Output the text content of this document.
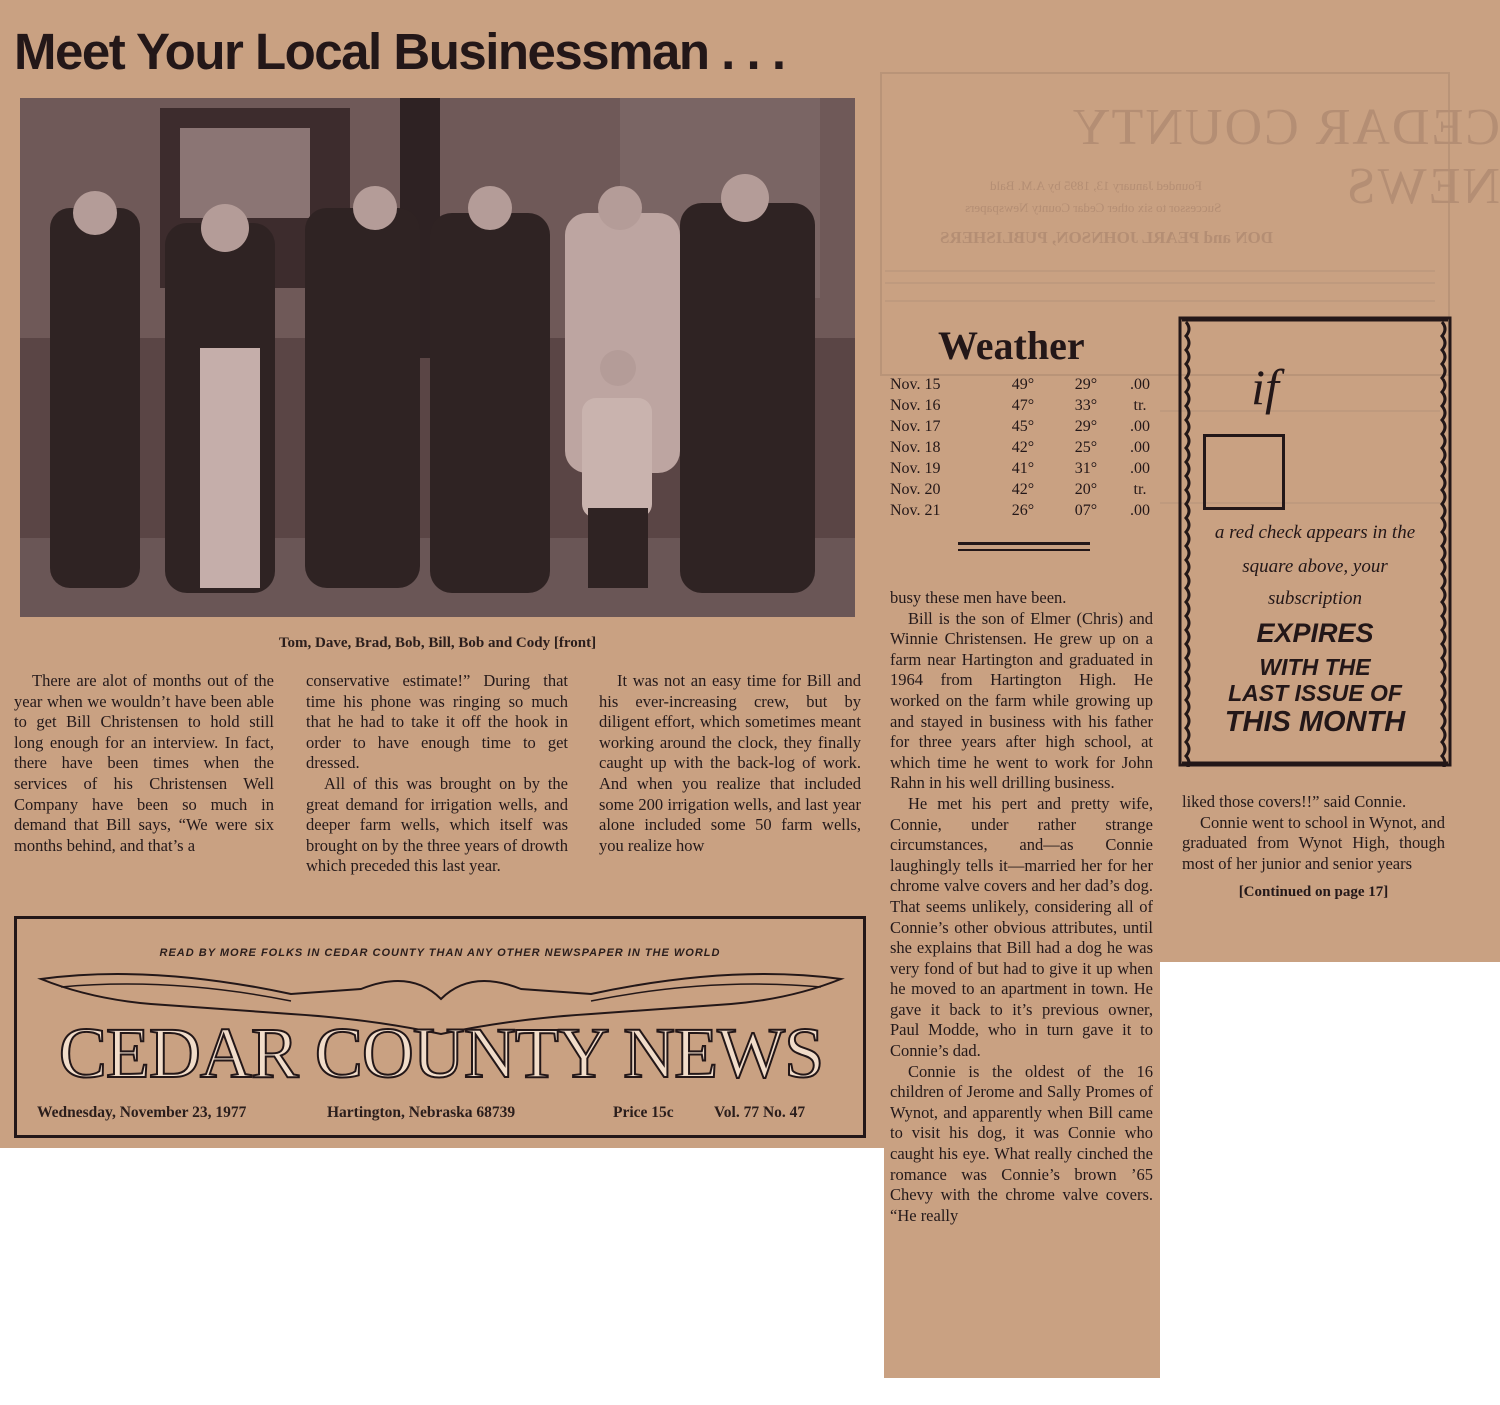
CEDAR COUNTY NEWS
Founded January 13, 1895 by A.M. Bald
Successor to six other Cedar County Newspapers
DON and PEARL JOHNSON, PUBLISHERS
Meet Your Local Businessman . . .
Tom, Dave, Brad, Bob, Bill, Bob and Cody [front]

There are alot of months out of the year when we wouldn’t have been able to get Bill Christensen to hold still long enough for an interview. In fact, there have been times when the services of his Christensen Well Company have been so much in demand that Bill says, “We were six months behind, and that’s a

conservative estimate!” During that time his phone was ringing so much that he had to take it off the hook in order to have enough time to get dressed.

All of this was brought on by the great demand for irrigation wells, and deeper farm wells, which itself was brought on by the three years of drowth which preceded this last year.

It was not an easy time for Bill and his ever-increasing crew, but by diligent effort, which sometimes meant working around the clock, they finally caught up with the back-log of work. And when you realize that included some 200 irrigation wells, and last year alone included some 50 farm wells, you realize how

busy these men have been.

Bill is the son of Elmer (Chris) and Winnie Christensen. He grew up on a farm near Hartington and graduated in 1964 from Hartington High. He worked on the farm while growing up and stayed in business with his father for three years after high school, at which time he went to work for John Rahn in his well drilling business.

He met his pert and pretty wife, Connie, under rather strange circumstances, and—as Connie laughingly tells it—married her for her chrome valve covers and her dad’s dog. That seems unlikely, considering all of Connie’s other obvious attributes, until she explains that Bill had a dog he was very fond of but had to give it up when he moved to an apartment in town. He gave it back to it’s previous owner, Paul Modde, who in turn gave it to Connie’s dad.

Connie is the oldest of the 16 children of Jerome and Sally Promes of Wynot, and apparently when Bill came to visit his dog, it was Connie who caught his eye. What really cinched the romance was Connie’s brown ’65 Chevy with the chrome valve covers. “He really

liked those covers!!” said Connie.

Connie went to school in Wynot, and graduated from Wynot High, though most of her junior and senior years

[Continued on page 17]
Weather
Nov. 15	49°	29°	.00
Nov. 16	47°	33°	tr.
Nov. 17	45°	29°	.00
Nov. 18	42°	25°	.00
Nov. 19	41°	31°	.00
Nov. 20	42°	20°	tr.
Nov. 21	26°	07°	.00
if
a red check appears in the
square above, your
subscription
EXPIRES
WITH THE
LAST ISSUE OF
THIS MONTH
READ BY MORE FOLKS IN CEDAR COUNTY THAN ANY OTHER NEWSPAPER IN THE WORLD
CEDAR COUNTY NEWS
Wednesday, November 23, 1977	Hartington, Nebraska 68739	Price 15c	Vol. 77 No. 47
